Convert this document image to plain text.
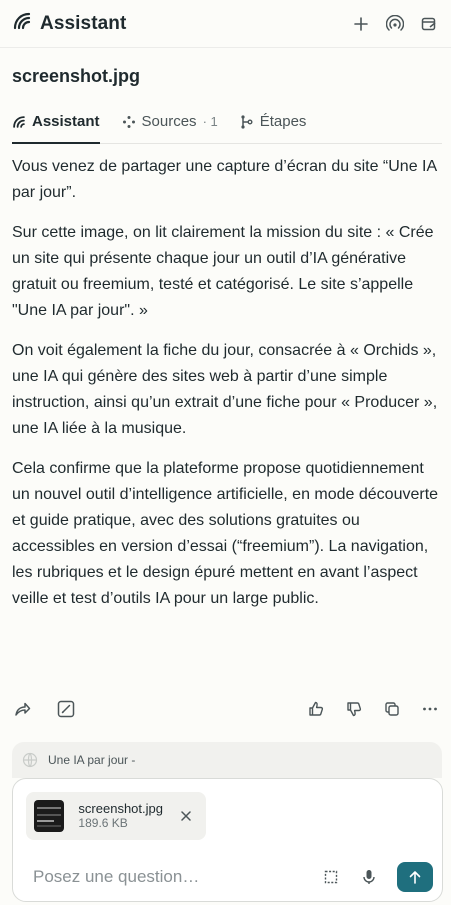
Assistant
screenshot.jpg
Assistant	Sources · 1	Étapes

Vous venez de partager une capture d’écran du site “Une IA par jour”.

Sur cette image, on lit clairement la mission du site : « Crée un site qui présente chaque jour un outil d’IA générative gratuit ou freemium, testé et catégorisé. Le site s’appelle "Une IA par jour". »

On voit également la fiche du jour, consacrée à « Orchids », une IA qui génère des sites web à partir d’une simple instruction, ainsi qu’un extrait d’une fiche pour « Producer », une IA liée à la musique.

Cela confirme que la plateforme propose quotidiennement un nouvel outil d’intelligence artificielle, en mode découverte et guide pratique, avec des solutions gratuites ou accessibles en version d’essai (“freemium”). La navigation, les rubriques et le design épuré mettent en avant l’aspect veille et test d’outils IA pour un large public.

Une IA par jour -
screenshot.jpg
189.6 KB
Posez une question…
